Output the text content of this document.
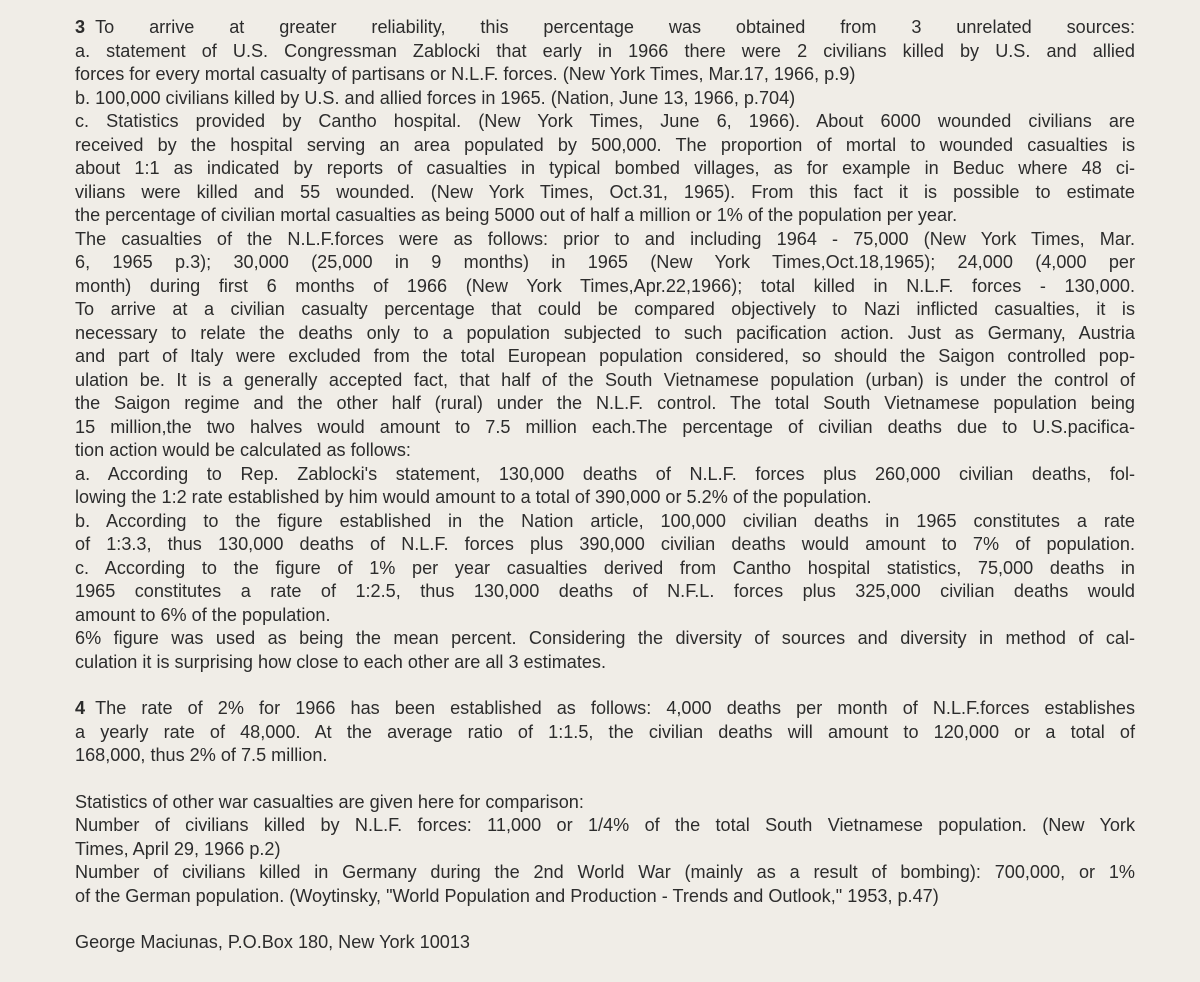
3 To arrive at greater reliability, this percentage was obtained from 3 unrelated sources:

a. statement of U.S. Congressman Zablocki that early in 1966 there were 2 civilians killed by U.S. and allied

forces for every mortal casualty of partisans or N.L.F. forces. (New York Times, Mar.17, 1966, p.9)

b. 100,000 civilians killed by U.S. and allied forces in 1965. (Nation, June 13, 1966, p.704)

c. Statistics provided by Cantho hospital. (New York Times, June 6, 1966). About 6000 wounded civilians are

received by the hospital serving an area populated by 500,000. The proportion of mortal to wounded casualties is

about 1:1 as indicated by reports of casualties in typical bombed villages, as for example in Beduc where 48 ci-

vilians were killed and 55 wounded. (New York Times, Oct.31, 1965). From this fact it is possible to estimate

the percentage of civilian mortal casualties as being 5000 out of half a million or 1% of the population per year.

The casualties of the N.L.F.forces were as follows: prior to and including 1964 - 75,000 (New York Times, Mar.

6, 1965 p.3); 30,000 (25,000 in 9 months) in 1965 (New York Times,Oct.18,1965); 24,000 (4,000 per

month) during first 6 months of 1966 (New York Times,Apr.22,1966); total killed in N.L.F. forces - 130,000.

To arrive at a civilian casualty percentage that could be compared objectively to Nazi inflicted casualties, it is

necessary to relate the deaths only to a population subjected to such pacification action. Just as Germany, Austria

and part of Italy were excluded from the total European population considered, so should the Saigon controlled pop-

ulation be. It is a generally accepted fact, that half of the South Vietnamese population (urban) is under the control of

the Saigon regime and the other half (rural) under the N.L.F. control. The total South Vietnamese population being

15 million,the two halves would amount to 7.5 million each.The percentage of civilian deaths due to U.S.pacifica-

tion action would be calculated as follows:

a. According to Rep. Zablocki's statement, 130,000 deaths of N.L.F. forces plus 260,000 civilian deaths, fol-

lowing the 1:2 rate established by him would amount to a total of 390,000 or 5.2% of the population.

b. According to the figure established in the Nation article, 100,000 civilian deaths in 1965 constitutes a rate

of 1:3.3, thus 130,000 deaths of N.L.F. forces plus 390,000 civilian deaths would amount to 7% of population.

c. According to the figure of 1% per year casualties derived from Cantho hospital statistics, 75,000 deaths in

1965 constitutes a rate of 1:2.5, thus 130,000 deaths of N.F.L. forces plus 325,000 civilian deaths would

amount to 6% of the population.

6% figure was used as being the mean percent. Considering the diversity of sources and diversity in method of cal-

culation it is surprising how close to each other are all 3 estimates.

4 The rate of 2% for 1966 has been established as follows: 4,000 deaths per month of N.L.F.forces establishes

a yearly rate of 48,000. At the average ratio of 1:1.5, the civilian deaths will amount to 120,000 or a total of

168,000, thus 2% of 7.5 million.

Statistics of other war casualties are given here for comparison:

Number of civilians killed by N.L.F. forces: 11,000 or 1/4% of the total South Vietnamese population. (New York

Times, April 29, 1966 p.2)

Number of civilians killed in Germany during the 2nd World War (mainly as a result of bombing): 700,000, or 1%

of the German population. (Woytinsky, "World Population and Production - Trends and Outlook," 1953, p.47)

George Maciunas, P.O.Box 180, New York 10013
